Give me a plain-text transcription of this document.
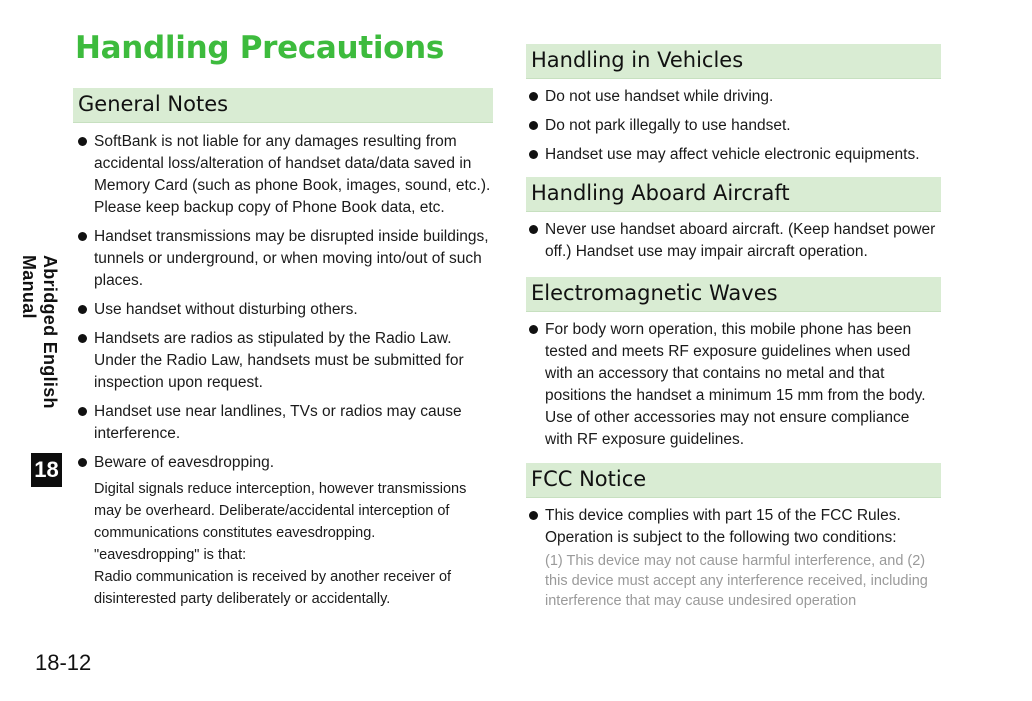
Handling Precautions
Abridged English Manual
18
18-12
General Notes
SoftBank is not liable for any damages resulting from accidental loss/alteration of handset data/data saved in Memory Card (such as phone Book, images, sound, etc.). Please keep backup copy of Phone Book data, etc.
Handset transmissions may be disrupted inside buildings, tunnels or underground, or when moving into/out of such places.
Use handset without disturbing others.
Handsets are radios as stipulated by the Radio Law. Under the Radio Law, handsets must be submitted for inspection upon request.
Handset use near landlines, TVs or radios may cause interference.
Beware of eavesdropping.
Digital signals reduce interception, however transmissions may be overheard. Deliberate/accidental interception of communications constitutes eavesdropping.
"eavesdropping" is that:
Radio communication is received by another receiver of disinterested party deliberately or accidentally.
Handling in Vehicles
Do not use handset while driving.
Do not park illegally to use handset.
Handset use may affect vehicle electronic equipments.
Handling Aboard Aircraft
Never use handset aboard aircraft. (Keep handset power off.) Handset use may impair aircraft operation.
Electromagnetic Waves
For body worn operation, this mobile phone has been tested and meets RF exposure guidelines when used with an accessory that contains no metal and that positions the handset a minimum 15 mm from the body. Use of other accessories may not ensure compliance with RF exposure guidelines.
FCC Notice
This device complies with part 15 of the FCC Rules. Operation is subject to the following two conditions:
(1) This device may not cause harmful interference, and (2) this device must accept any interference received, including interference that may cause undesired operation
